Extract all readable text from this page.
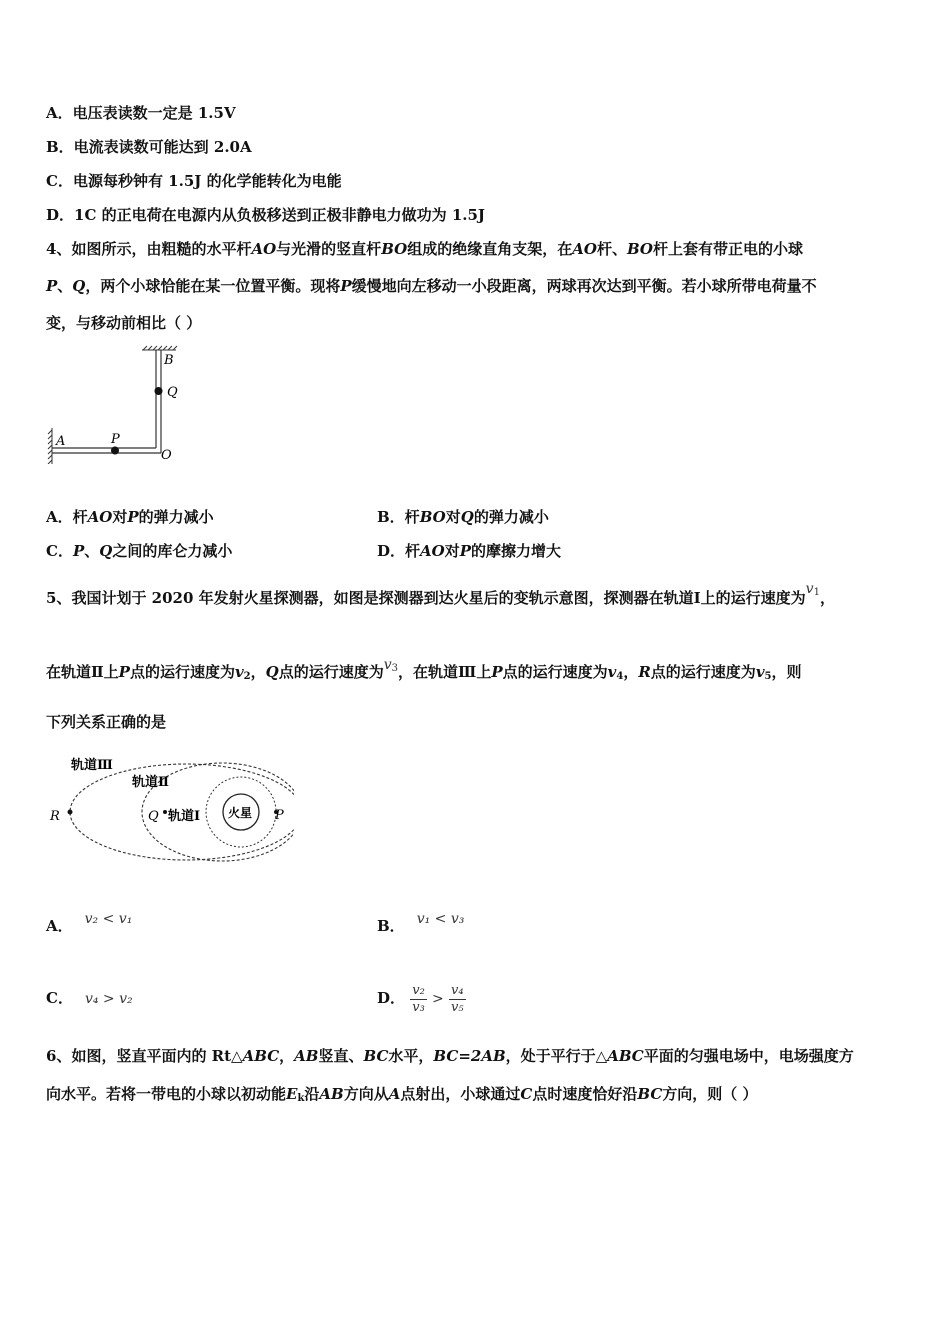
A．电压表读数一定是 1.5V
B．电流表读数可能达到 2.0A
C．电源每秒钟有 1.5J 的化学能转化为电能
D．1C 的正电荷在电源内从负极移送到正极非静电力做功为 1.5J
4、如图所示，由粗糙的水平杆AO与光滑的竖直杆BO组成的绝缘直角支架，在AO杆、BO杆上套有带正电的小球
P、Q，两个小球恰能在某一位置平衡。现将P缓慢地向左移动一小段距离，两球再次达到平衡。若小球所带电荷量不
变，与移动前相比（ ）
B
Q
A	P
O
A．杆AO对P的弹力减小	B．杆BO对Q的弹力减小
C．P、Q之间的库仑力减小	D．杆AO对P的摩擦力增大
5、我国计划于 2020 年发射火星探测器，如图是探测器到达火星后的变轨示意图，探测器在轨道Ⅰ上的运行速度为$v_1$，
在轨道Ⅱ上P点的运行速度为$v_2$，Q点的运行速度为$v_3$，在轨道Ⅲ上P点的运行速度为$v_4$，R点的运行速度为$v_5$，则
下列关系正确的是
轨道Ⅲ
轨道Ⅱ
轨道Ⅰ 火星
R	Q	P
A． v₂ < v₁	B． v₁ < v₃
C． v₄ > v₂	D． $\frac{\text{v₂}}{\text{v₃}} > \frac{\text{v₄}}{\text{v₅}}$
6、如图，竖直平面内的 Rt△ABC，AB竖直、BC水平，BC=2AB，处于平行于△ABC平面的匀强电场中，电场强度方
向水平。若将一带电的小球以初动能$E_k$沿AB方向从A点射出，小球通过C点时速度恰好沿BC方向，则（ ）
